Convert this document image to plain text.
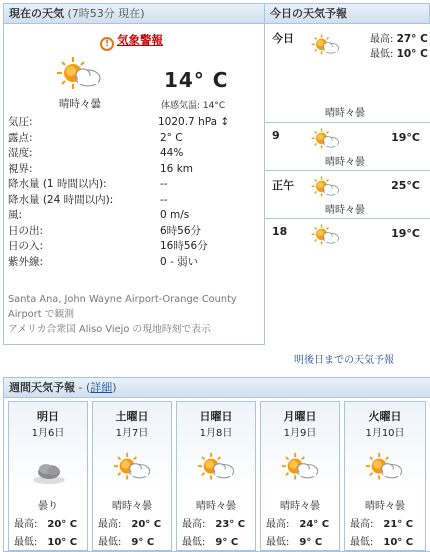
現在の天気 (7時53分 現在)
! 気象警報
晴時々曇
14° C
体感気温: 14°C
気圧:	1020.7 hPa ↕
露点:	2° C
湿度:	44%
視界:	16 km
降水量 (1 時間以内):	--
降水量 (24 時間以内):	--
風:	0 m/s
日の出:	6時56分
日の入:	16時56分
紫外線:	0 - 弱い
Santa Ana, John Wayne Airport-Orange County
Airport で観測
アメリカ合衆国 Aliso Viejo の現地時刻で表示
今日の天気予報
今日	最高: 27° C
最低: 10° C
晴時々曇
9	19°C
晴時々曇
正午	25°C
晴時々曇
18	19°C
明後日までの天気予報
週間天気予報 - (詳細)
明日
1月6日
曇り
最高: 20° C
最低: 10° C
土曜日
1月7日
晴時々曇
最高: 20° C
最低: 9° C
日曜日
1月8日
晴時々曇
最高: 23° C
最低: 9° C
月曜日
1月9日
晴時々曇
最高: 24° C
最低: 9° C
火曜日
1月10日
晴時々曇
最高: 21° C
最低: 10° C
